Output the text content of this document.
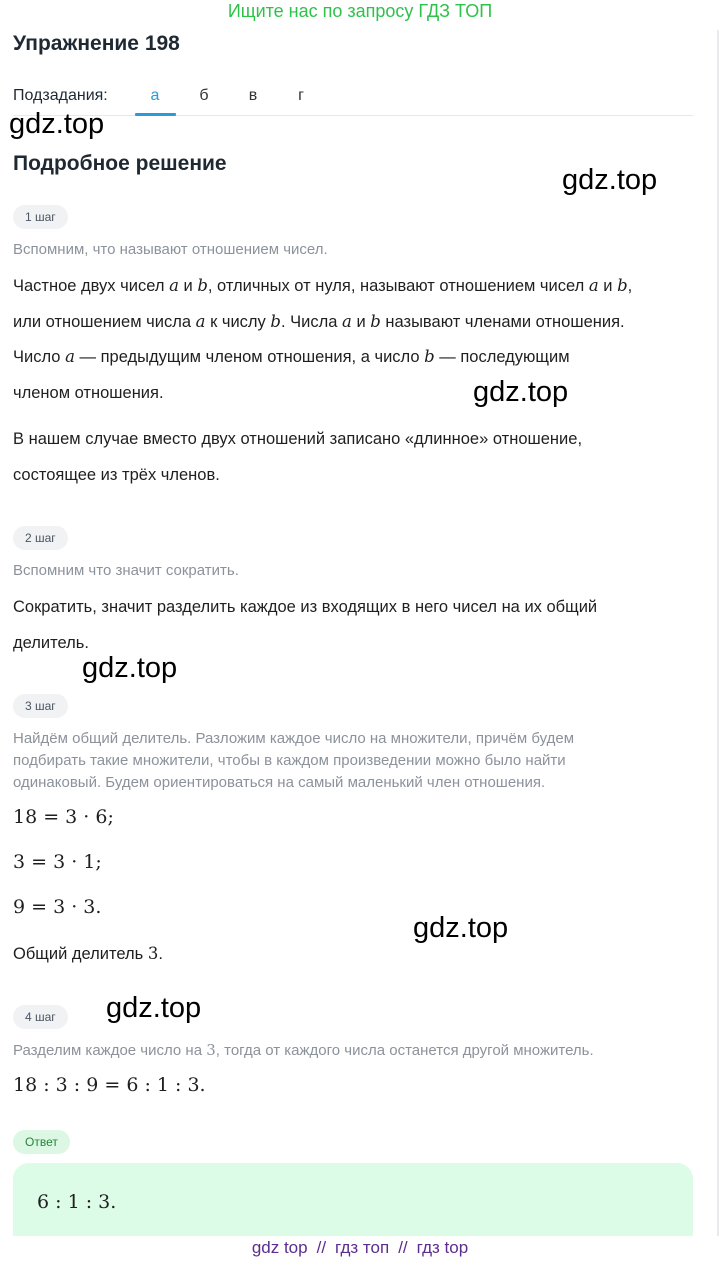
Ищите нас по запросу ГДЗ ТОП
Упражнение 198
Подзадания:	а	б	в	г
Подробное решение
gdz.top
gdz.top
gdz.top
gdz.top
gdz.top
gdz.top
1 шаг
Вспомним, что называют отношением чисел.
Частное двух чисел a и b, отличных от нуля, называют отношением чисел a и b,
или отношением числа a к числу b. Числа a и b называют членами отношения.
Число a — предыдущим членом отношения, а число b — последующим
членом отношения.
В нашем случае вместо двух отношений записано «длинное» отношение,
состоящее из трёх членов.
2 шаг
Вспомним что значит сократить.
Сократить, значит разделить каждое из входящих в него чисел на их общий
делитель.
3 шаг
Найдём общий делитель. Разложим каждое число на множители, причём будем
подбирать такие множители, чтобы в каждом произведении можно было найти
одинаковый. Будем ориентироваться на самый маленький член отношения.
18 = 3 · 6;
3 = 3 · 1;
9 = 3 · 3.
Общий делитель 3.
4 шаг
Разделим каждое число на 3, тогда от каждого числа останется другой множитель.
18 : 3 : 9 = 6 : 1 : 3.
Ответ
6 : 1 : 3.
gdz top // гдз топ // гдз top
